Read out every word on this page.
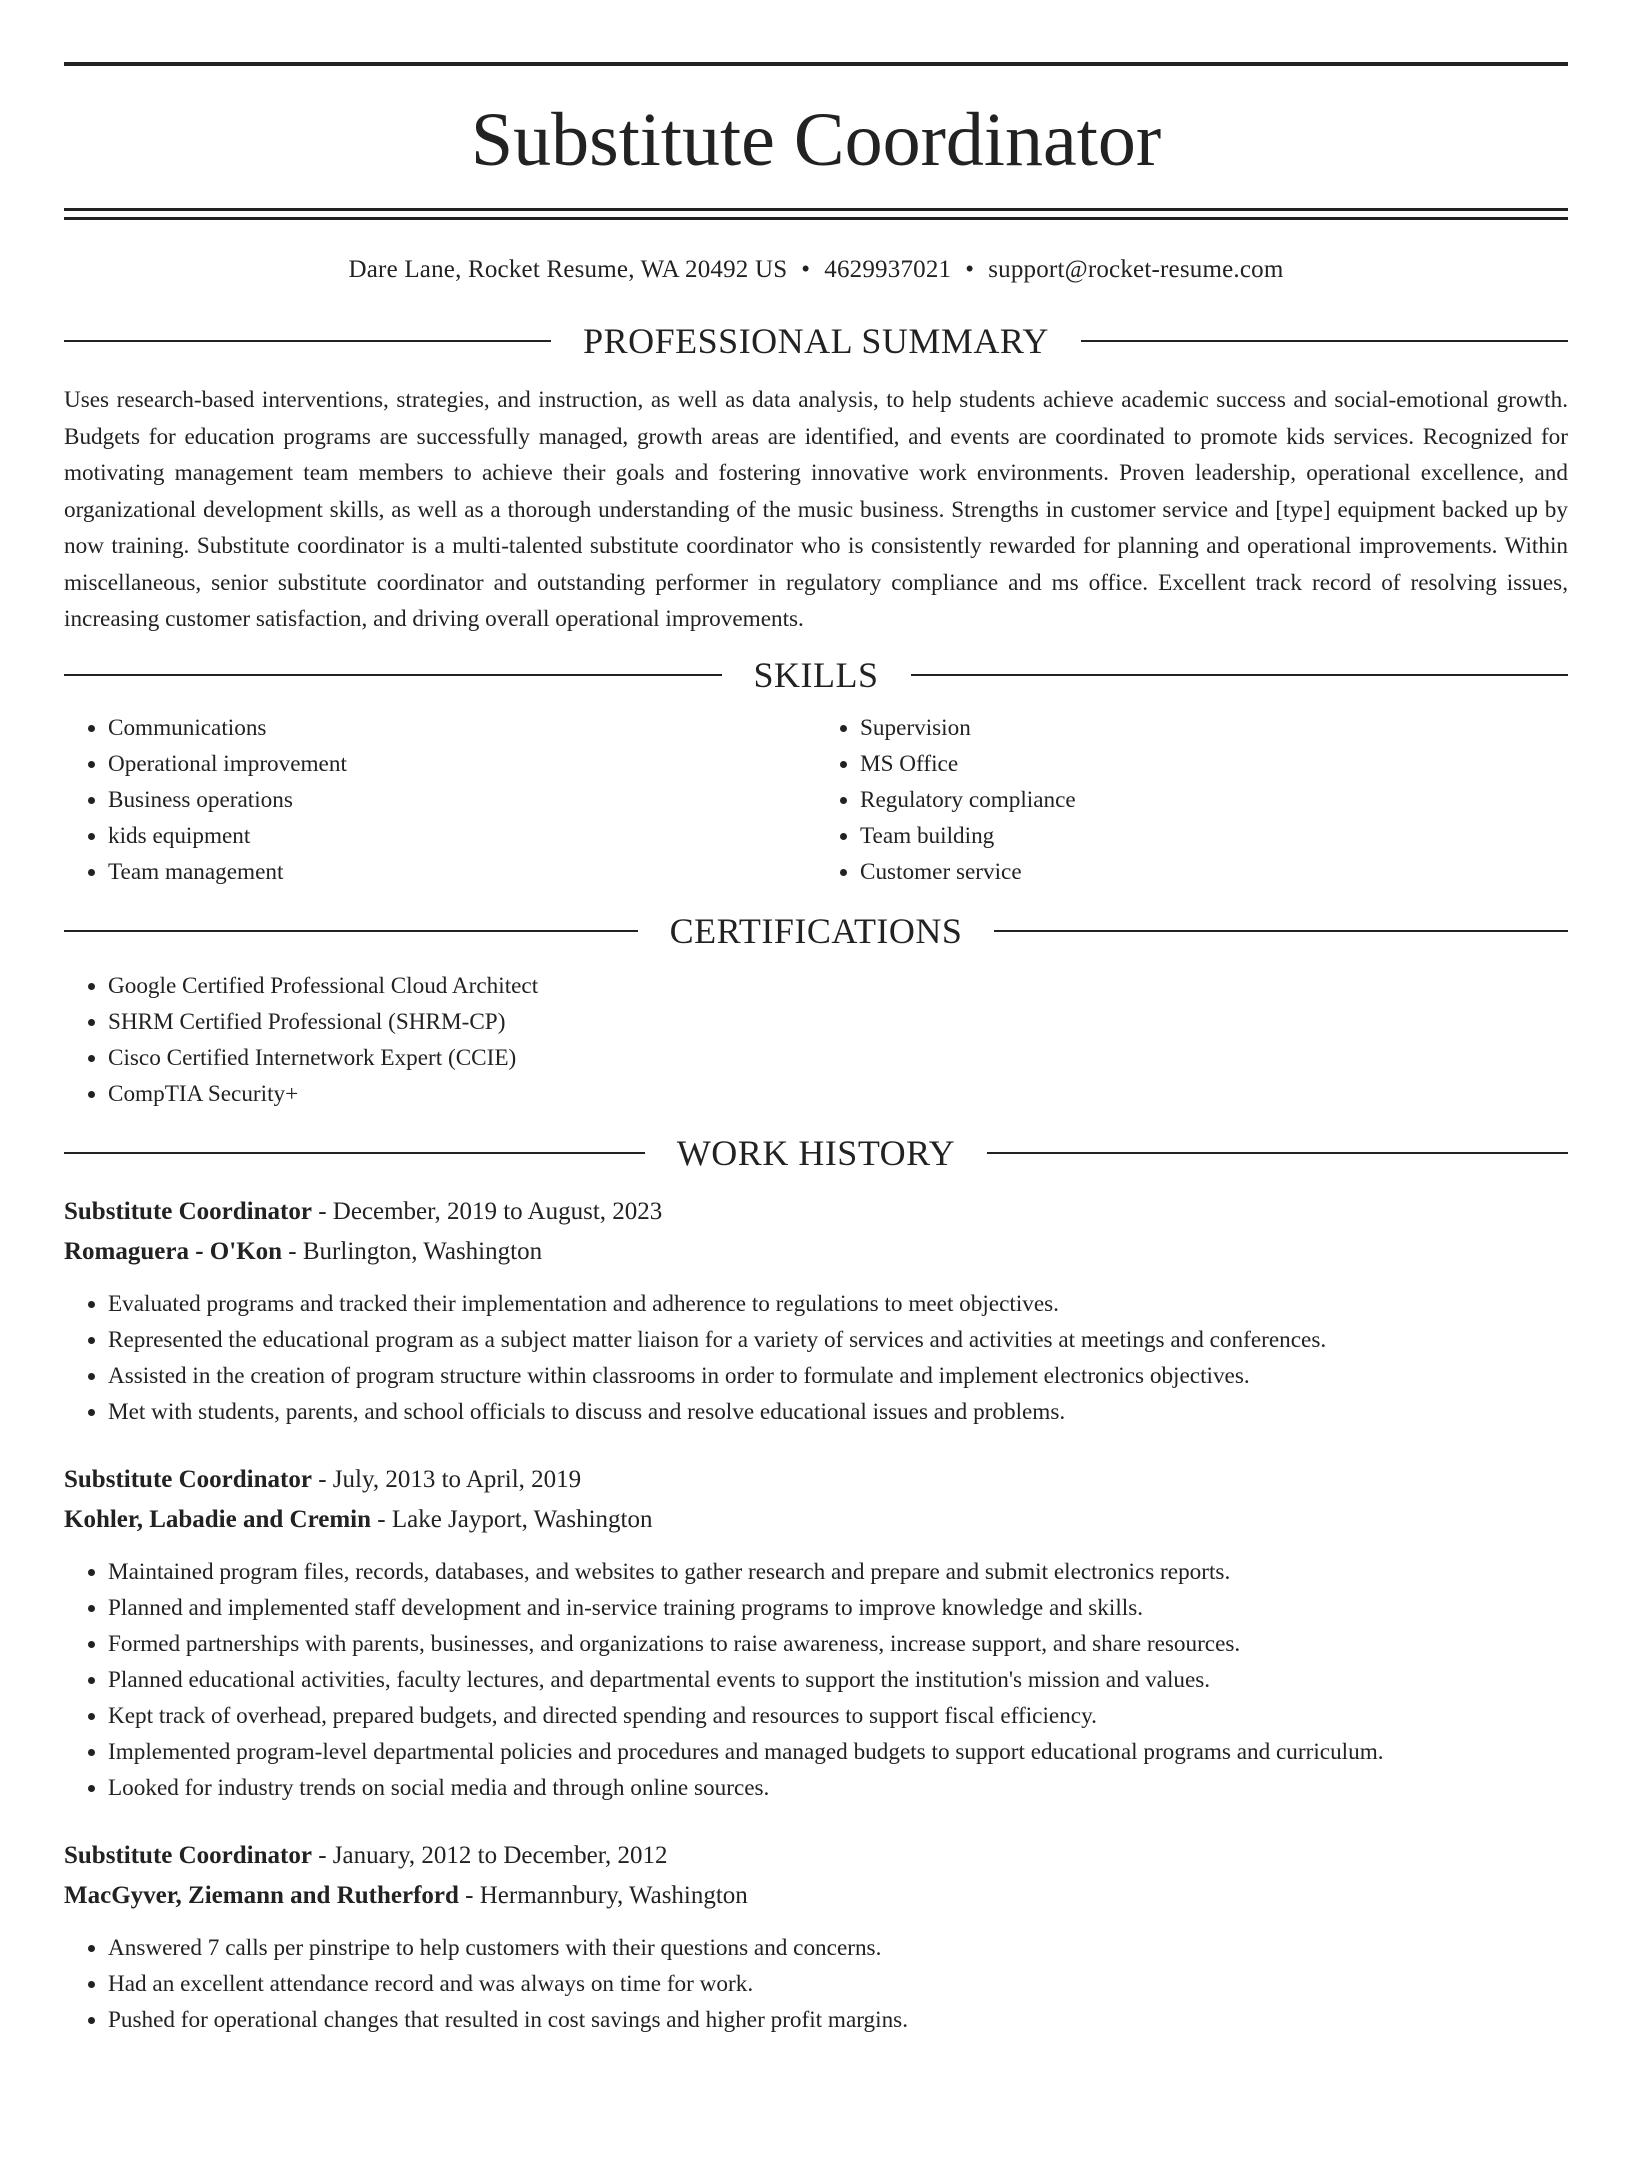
Substitute Coordinator
Dare Lane, Rocket Resume, WA 20492 US • 4629937021 • support@rocket-resume.com
PROFESSIONAL SUMMARY

Uses research-based interventions, strategies, and instruction, as well as data analysis, to help students achieve academic success and social-emotional growth. Budgets for education programs are successfully managed, growth areas are identified, and events are coordinated to promote kids services. Recognized for motivating management team members to achieve their goals and fostering innovative work environments. Proven leadership, operational excellence, and organizational development skills, as well as a thorough understanding of the music business. Strengths in customer service and [type] equipment backed up by now training. Substitute coordinator is a multi-talented substitute coordinator who is consistently rewarded for planning and operational improvements. Within miscellaneous, senior substitute coordinator and outstanding performer in regulatory compliance and ms office. Excellent track record of resolving issues, increasing customer satisfaction, and driving overall operational improvements.

SKILLS
• Communications
• Operational improvement
• Business operations
• kids equipment
• Team management
• Supervision
• MS Office
• Regulatory compliance
• Team building
• Customer service
CERTIFICATIONS
• Google Certified Professional Cloud Architect
• SHRM Certified Professional (SHRM-CP)
• Cisco Certified Internetwork Expert (CCIE)
• CompTIA Security+
WORK HISTORY
Substitute Coordinator - December, 2019 to August, 2023
Romaguera - O'Kon - Burlington, Washington
• Evaluated programs and tracked their implementation and adherence to regulations to meet objectives.
• Represented the educational program as a subject matter liaison for a variety of services and activities at meetings and conferences.
• Assisted in the creation of program structure within classrooms in order to formulate and implement electronics objectives.
• Met with students, parents, and school officials to discuss and resolve educational issues and problems.
Substitute Coordinator - July, 2013 to April, 2019
Kohler, Labadie and Cremin - Lake Jayport, Washington
• Maintained program files, records, databases, and websites to gather research and prepare and submit electronics reports.
• Planned and implemented staff development and in-service training programs to improve knowledge and skills.
• Formed partnerships with parents, businesses, and organizations to raise awareness, increase support, and share resources.
• Planned educational activities, faculty lectures, and departmental events to support the institution's mission and values.
• Kept track of overhead, prepared budgets, and directed spending and resources to support fiscal efficiency.
• Implemented program-level departmental policies and procedures and managed budgets to support educational programs and curriculum.
• Looked for industry trends on social media and through online sources.
Substitute Coordinator - January, 2012 to December, 2012
MacGyver, Ziemann and Rutherford - Hermannbury, Washington
• Answered 7 calls per pinstripe to help customers with their questions and concerns.
• Had an excellent attendance record and was always on time for work.
• Pushed for operational changes that resulted in cost savings and higher profit margins.
